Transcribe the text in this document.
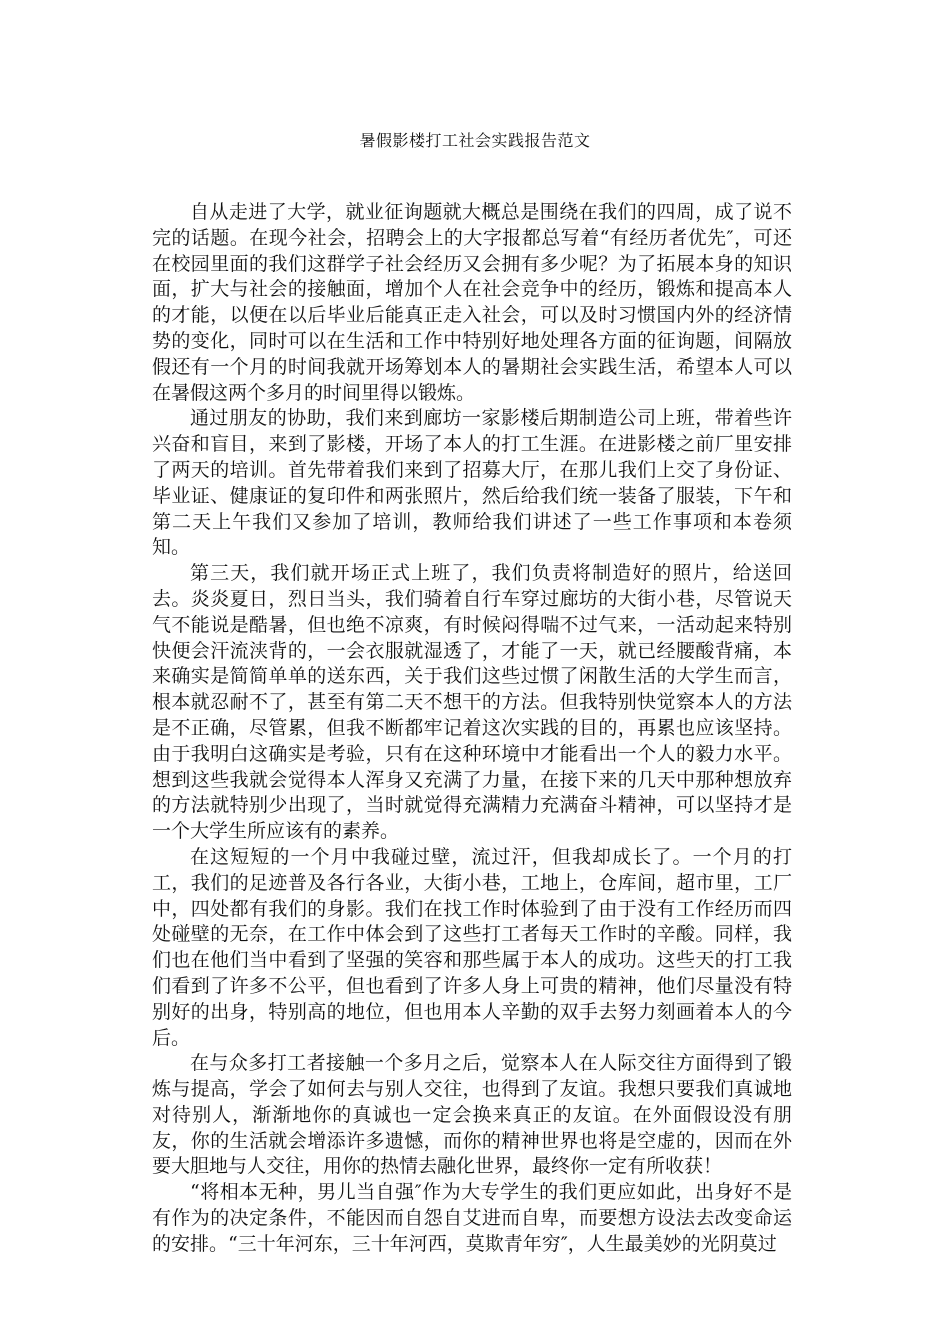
暑假影楼打工社会实践报告范文

自从走进了大学，就业征询题就大概总是围绕在我们的四周，成了说不完的话题。在现今社会，招聘会上的大字报都总写着“有经历者优先″，可还在校园里面的我们这群学子社会经历又会拥有多少呢？为了拓展本身的知识面，扩大与社会的接触面，增加个人在社会竞争中的经历，锻炼和提高本人的才能，以便在以后毕业后能真正走入社会，可以及时习惯国内外的经济情势的变化，同时可以在生活和工作中特别好地处理各方面的征询题，间隔放假还有一个月的时间我就开场筹划本人的暑期社会实践生活，希望本人可以在暑假这两个多月的时间里得以锻炼。

通过朋友的协助，我们来到廊坊一家影楼后期制造公司上班，带着些许兴奋和盲目，来到了影楼，开场了本人的打工生涯。在进影楼之前厂里安排了两天的培训。首先带着我们来到了招募大厅，在那儿我们上交了身份证、毕业证、健康证的复印件和两张照片，然后给我们统一装备了服装，下午和第二天上午我们又参加了培训，教师给我们讲述了一些工作事项和本卷须知。

第三天，我们就开场正式上班了，我们负责将制造好的照片，给送回去。炎炎夏日，烈日当头，我们骑着自行车穿过廊坊的大街小巷，尽管说天气不能说是酷暑，但也绝不凉爽，有时候闷得喘不过气来，一活动起来特别快便会汗流浃背的，一会衣服就湿透了，才能了一天，就已经腰酸背痛，本来确实是简简单单的送东西，关于我们这些过惯了闲散生活的大学生而言，根本就忍耐不了，甚至有第二天不想干的方法。但我特别快觉察本人的方法是不正确，尽管累，但我不断都牢记着这次实践的目的，再累也应该坚持。由于我明白这确实是考验，只有在这种环境中才能看出一个人的毅力水平。想到这些我就会觉得本人浑身又充满了力量，在接下来的几天中那种想放弃的方法就特别少出现了，当时就觉得充满精力充满奋斗精神，可以坚持才是一个大学生所应该有的素养。

在这短短的一个月中我碰过壁，流过汗，但我却成长了。一个月的打工，我们的足迹普及各行各业，大街小巷，工地上，仓库间，超市里，工厂中，四处都有我们的身影。我们在找工作时体验到了由于没有工作经历而四处碰壁的无奈，在工作中体会到了这些打工者每天工作时的辛酸。同样，我们也在他们当中看到了坚强的笑容和那些属于本人的成功。这些天的打工我们看到了许多不公平，但也看到了许多人身上可贵的精神，他们尽量没有特别好的出身，特别高的地位，但也用本人辛勤的双手去努力刻画着本人的今后。

在与众多打工者接触一个多月之后，觉察本人在人际交往方面得到了锻炼与提高，学会了如何去与别人交往，也得到了友谊。我想只要我们真诚地对待别人，渐渐地你的真诚也一定会换来真正的友谊。在外面假设没有朋友，你的生活就会增添许多遗憾，而你的精神世界也将是空虚的，因而在外要大胆地与人交往，用你的热情去融化世界，最终你一定有所收获！

“将相本无种，男儿当自强″作为大专学生的我们更应如此，出身好不是有作为的决定条件，不能因而自怨自艾进而自卑，而要想方设法去改变命运的安排。“三十年河东，三十年河西，莫欺青年穷″，人生最美妙的光阴莫过
